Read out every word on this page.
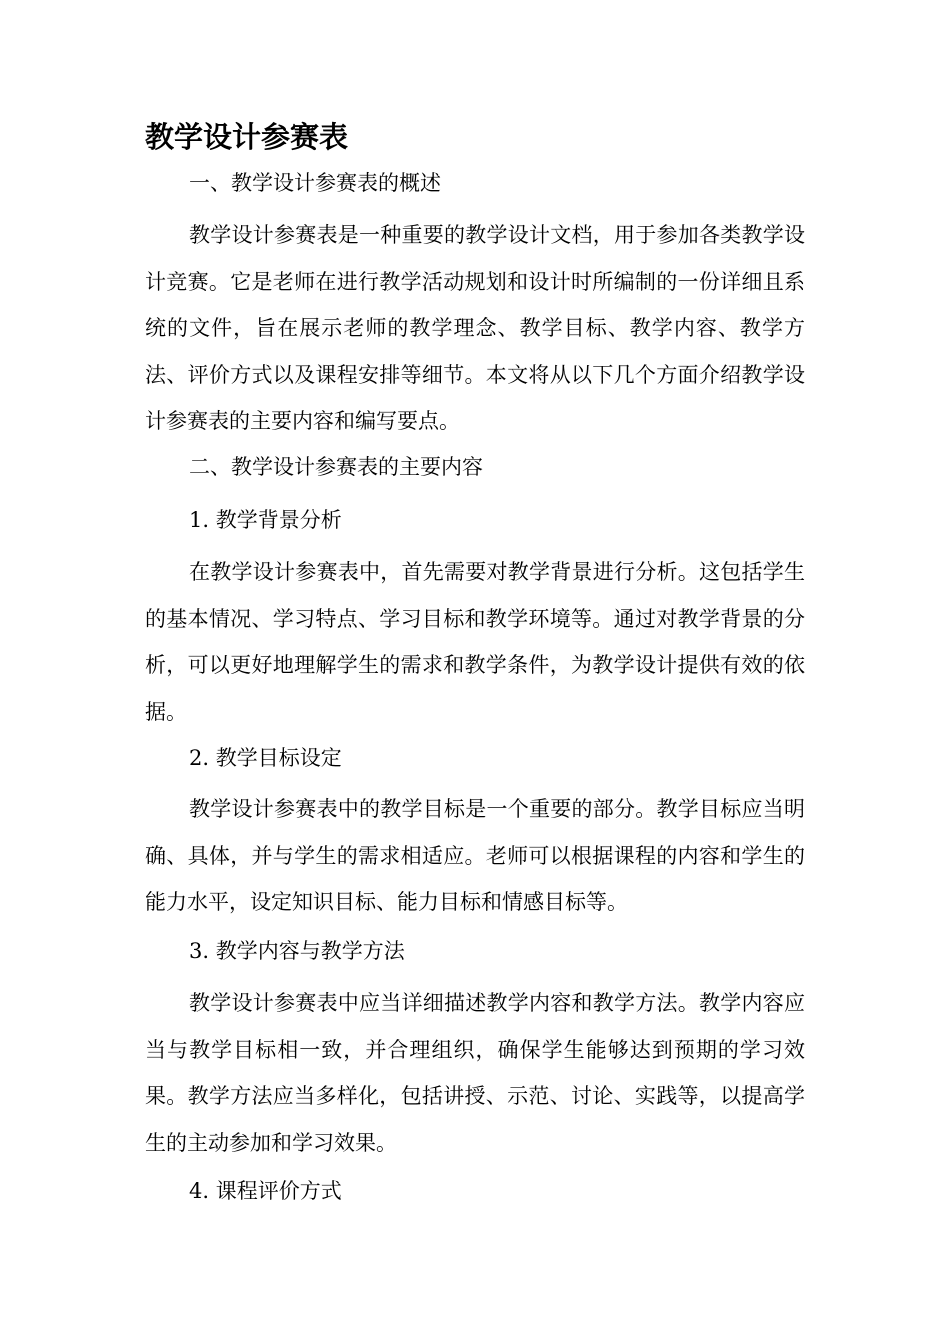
教学设计参赛表
一、教学设计参赛表的概述
教学设计参赛表是一种重要的教学设计文档，用于参加各类教学设计竞赛。它是老师在进行教学活动规划和设计时所编制的一份详细且系统的文件，旨在展示老师的教学理念、教学目标、教学内容、教学方法、评价方式以及课程安排等细节。本文将从以下几个方面介绍教学设计参赛表的主要内容和编写要点。
二、教学设计参赛表的主要内容
1. 教学背景分析
在教学设计参赛表中，首先需要对教学背景进行分析。这包括学生的基本情况、学习特点、学习目标和教学环境等。通过对教学背景的分析，可以更好地理解学生的需求和教学条件，为教学设计提供有效的依据。
2. 教学目标设定
教学设计参赛表中的教学目标是一个重要的部分。教学目标应当明确、具体，并与学生的需求相适应。老师可以根据课程的内容和学生的能力水平，设定知识目标、能力目标和情感目标等。
3. 教学内容与教学方法
教学设计参赛表中应当详细描述教学内容和教学方法。教学内容应当与教学目标相一致，并合理组织，确保学生能够达到预期的学习效果。教学方法应当多样化，包括讲授、示范、讨论、实践等，以提高学生的主动参加和学习效果。
4. 课程评价方式
